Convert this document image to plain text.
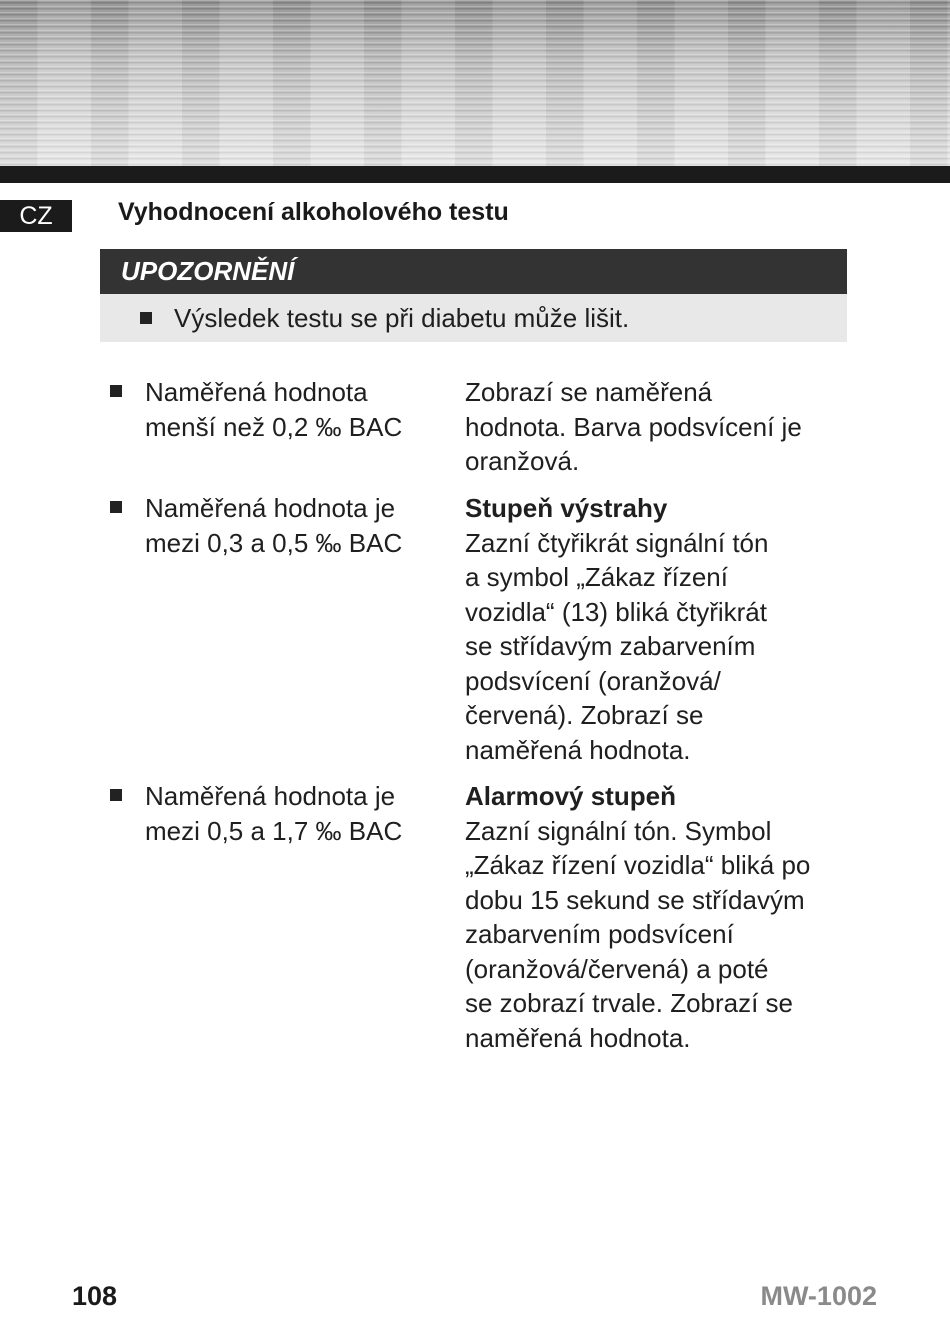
CZ	Vyhodnocení alkoholového testu
UPOZORNĚNÍ
Výsledek testu se při diabetu může lišit.
Naměřená hodnota
menší než 0,2 ‰ BAC
Zobrazí se naměřená
hodnota. Barva podsvícení je
oranžová.
Naměřená hodnota je
mezi 0,3 a 0,5 ‰ BAC
Stupeň výstrahy
Zazní čtyřikrát signální tón
a symbol „Zákaz řízení
vozidla“ (13) bliká čtyřikrát
se střídavým zabarvením
podsvícení (oranžová/
červená). Zobrazí se
naměřená hodnota.
Naměřená hodnota je
mezi 0,5 a 1,7 ‰ BAC
Alarmový stupeň
Zazní signální tón. Symbol
„Zákaz řízení vozidla“ bliká po
dobu 15 sekund se střídavým
zabarvením podsvícení
(oranžová/červená) a poté
se zobrazí trvale. Zobrazí se
naměřená hodnota.
108	MW-1002
